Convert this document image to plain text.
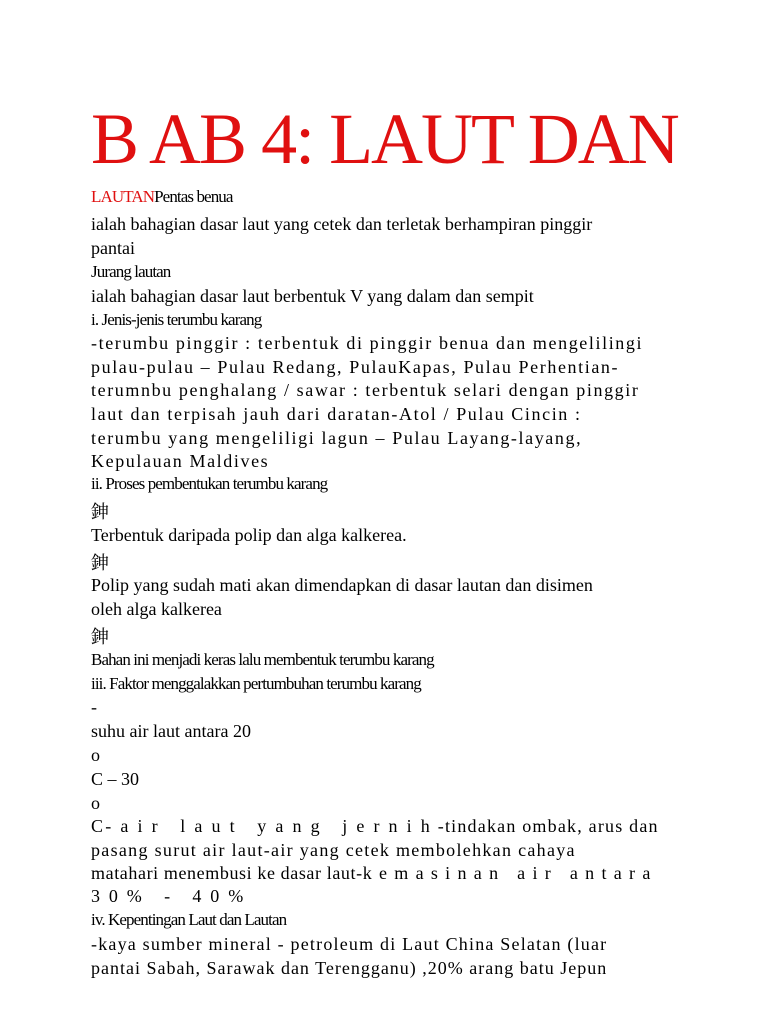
B AB 4: LAUT DAN
LAUTANPentas benua
ialah bahagian dasar laut yang cetek dan terletak berhampiran pinggir
pantai
Jurang lautan
ialah bahagian dasar laut berbentuk V yang dalam dan sempit
i. Jenis-jenis terumbu karang
-terumbu pinggir : terbentuk di pinggir benua dan mengelilingi
pulau-pulau – Pulau Redang, PulauKapas, Pulau Perhentian-
terumnbu penghalang / sawar : terbentuk selari dengan pinggir
laut dan terpisah jauh dari daratan-Atol / Pulau Cincin :
terumbu yang mengeliligi lagun – Pulau Layang-layang,
Kepulauan Maldives
ii. Proses pembentukan terumbu karang
鉮
Terbentuk daripada polip dan alga kalkerea.
鉮
Polip yang sudah mati akan dimendapkan di dasar lautan dan disimen
oleh alga kalkerea
鉮
Bahan ini menjadi keras lalu membentuk terumbu karang
iii. Faktor menggalakkan pertumbuhan terumbu karang
-
suhu air laut antara 20
o
C – 30
o
C- a i r   l a u t   y a n g   j e r n i h -tindakan ombak, arus dan
pasang surut air laut-air yang cetek membolehkan cahaya
matahari menembusi ke dasar laut-k e m a s i n a n   a i r   a n t a r a
3 0 %   -   4 0 %
iv. Kepentingan Laut dan Lautan
-kaya sumber mineral - petroleum di Laut China Selatan (luar
pantai Sabah, Sarawak dan Terengganu) ,20% arang batu Jepun
